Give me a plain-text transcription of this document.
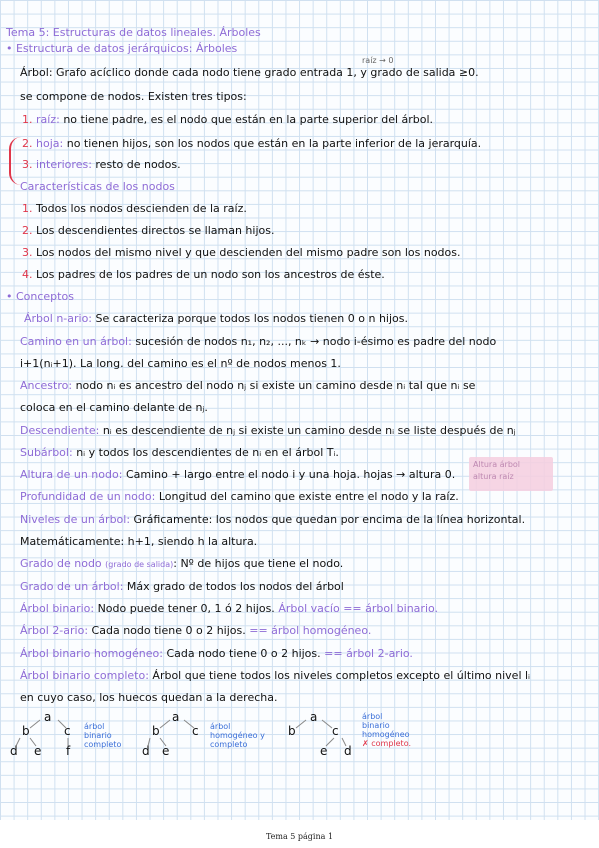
Tema 5: Estructuras de datos lineales. Árboles
• Estructura de datos jerárquicos: Árboles
raíz → 0
Árbol: Grafo acíclico donde cada nodo tiene grado entrada 1, y grado de salida ≥0.
se compone de nodos. Existen tres tipos:
1. raíz: no tiene padre, es el nodo que están en la parte superior del árbol.
2. hoja: no tienen hijos, son los nodos que están en la parte inferior de la jerarquía.
3. interiores: resto de nodos.
Características de los nodos
1. Todos los nodos descienden de la raíz.
2. Los descendientes directos se llaman hijos.
3. Los nodos del mismo nivel y que descienden del mismo padre son los nodos.
4. Los padres de los padres de un nodo son los ancestros de éste.
• Conceptos
Árbol n-ario: Se caracteriza porque todos los nodos tienen 0 o n hijos.
Camino en un árbol: sucesión de nodos n₁, n₂, ..., nₖ → nodo i-ésimo es padre del nodo
i+1(nᵢ+1). La long. del camino es el nº de nodos menos 1.
Ancestro: nodo nᵢ es ancestro del nodo nⱼ si existe un camino desde nᵢ tal que nᵢ se
coloca en el camino delante de nⱼ.
Descendiente: nᵢ es descendiente de nⱼ si existe un camino desde nᵢ se liste después de nⱼ
Subárbol: nᵢ y todos los descendientes de nᵢ en el árbol Tᵢ.
Altura de un nodo: Camino + largo entre el nodo i y una hoja. hojas → altura 0.
Altura árbol
altura raíz
Profundidad de un nodo: Longitud del camino que existe entre el nodo y la raíz.
Niveles de un árbol: Gráficamente: los nodos que quedan por encima de la línea horizontal.
Matemáticamente: h+1, siendo h la altura.
Grado de nodo (grado de salida): Nº de hijos que tiene el nodo.
Grado de un árbol: Máx grado de todos los nodos del árbol
Árbol binario: Nodo puede tener 0, 1 ó 2 hijos. Árbol vacío == árbol binario.
Árbol 2-ario: Cada nodo tiene 0 o 2 hijos. == árbol homogéneo.
Árbol binario homogéneo: Cada nodo tiene 0 o 2 hijos. == árbol 2-ario.
Árbol binario completo: Árbol que tiene todos los niveles completos excepto el último nivel lᵢ
en cuyo caso, los huecos quedan a la derecha.
a
b	c
d e f
árbol
binario
completo
a
b	c
d e
árbol
homogéneo y
completo
a
b	c
e d
árbol
binario
homogéneo
✗ completo.
Tema 5 página 1
